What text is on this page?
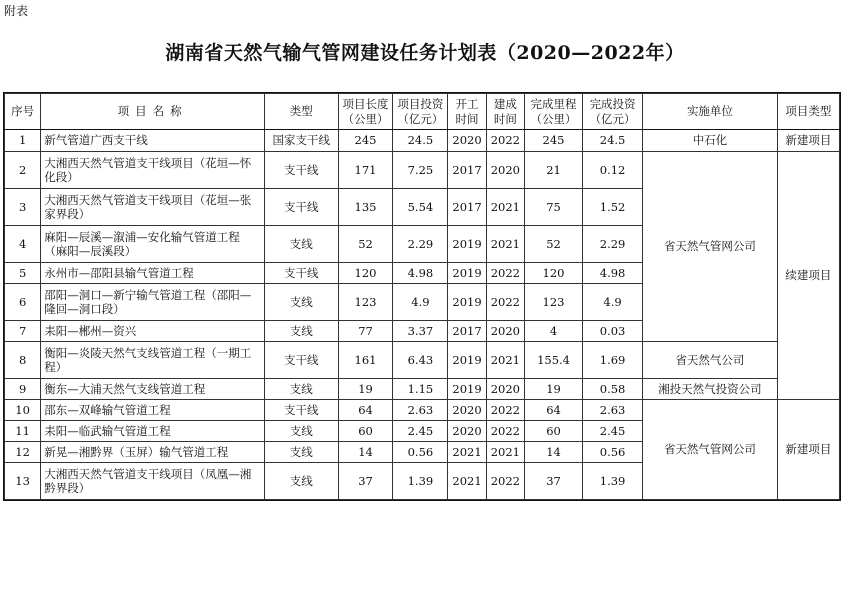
附表
湖南省天然气输气管网建设任务计划表（2020—2022年）
序号	项目名称	类型	项目长度（公里）	项目投资（亿元）	开工时间	建成时间	完成里程（公里）	完成投资（亿元）	实施单位	项目类型
1	新气管道广西支干线	国家支干线	245	24.5	2020	2022	245	24.5	中石化	新建项目
2	大湘西天然气管道支干线项目（花垣—怀化段）	支干线	171	7.25	2017	2020	21	0.12	省天然气管网公司	续建项目
3	大湘西天然气管道支干线项目（花垣—张家界段）	支干线	135	5.54	2017	2021	75	1.52		
4	麻阳—辰溪—溆浦—安化输气管道工程（麻阳—辰溪段）	支线	52	2.29	2019	2021	52	2.29		
5	永州市—邵阳县输气管道工程	支干线	120	4.98	2019	2022	120	4.98		
6	邵阳—洞口—新宁输气管道工程（邵阳—隆回—洞口段）	支线	123	4.9	2019	2022	123	4.9		
7	耒阳—郴州—资兴	支线	77	3.37	2017	2020	4	0.03		
8	衡阳—炎陵天然气支线管道工程（一期工程）	支干线	161	6.43	2019	2021	155.4	1.69	省天然气公司	
9	衡东—大浦天然气支线管道工程	支线	19	1.15	2019	2020	19	0.58	湘投天然气投资公司	
10	邵东—双峰输气管道工程	支干线	64	2.63	2020	2022	64	2.63	省天然气管网公司	新建项目
11	耒阳—临武输气管道工程	支线	60	2.45	2020	2022	60	2.45		
12	新晃—湘黔界（玉屏）输气管道工程	支线	14	0.56	2021	2021	14	0.56		
13	大湘西天然气管道支干线项目（凤凰—湘黔界段）	支线	37	1.39	2021	2022	37	1.39		
